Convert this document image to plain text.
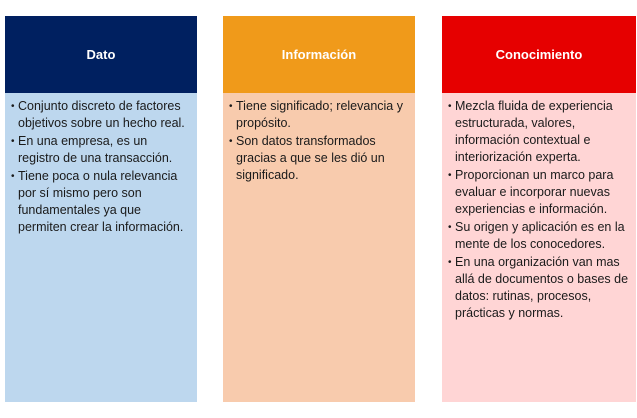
Dato
• Conjunto discreto de factores objetivos sobre un hecho real.
• En una empresa, es un registro de una transacción.
• Tiene poca o nula relevancia por sí mismo pero son fundamentales ya que permiten crear la información.
Información
• Tiene significado; relevancia y propósito.
• Son datos transformados gracias a que se les dió un significado.
Conocimiento
• Mezcla fluida de experiencia estructurada, valores, información contextual e interiorización experta.
• Proporcionan un marco para evaluar e incorporar nuevas experiencias e información.
• Su origen y aplicación es en la mente de los conocedores.
• En una organización van mas allá de documentos o bases de datos: rutinas, procesos, prácticas y normas.
